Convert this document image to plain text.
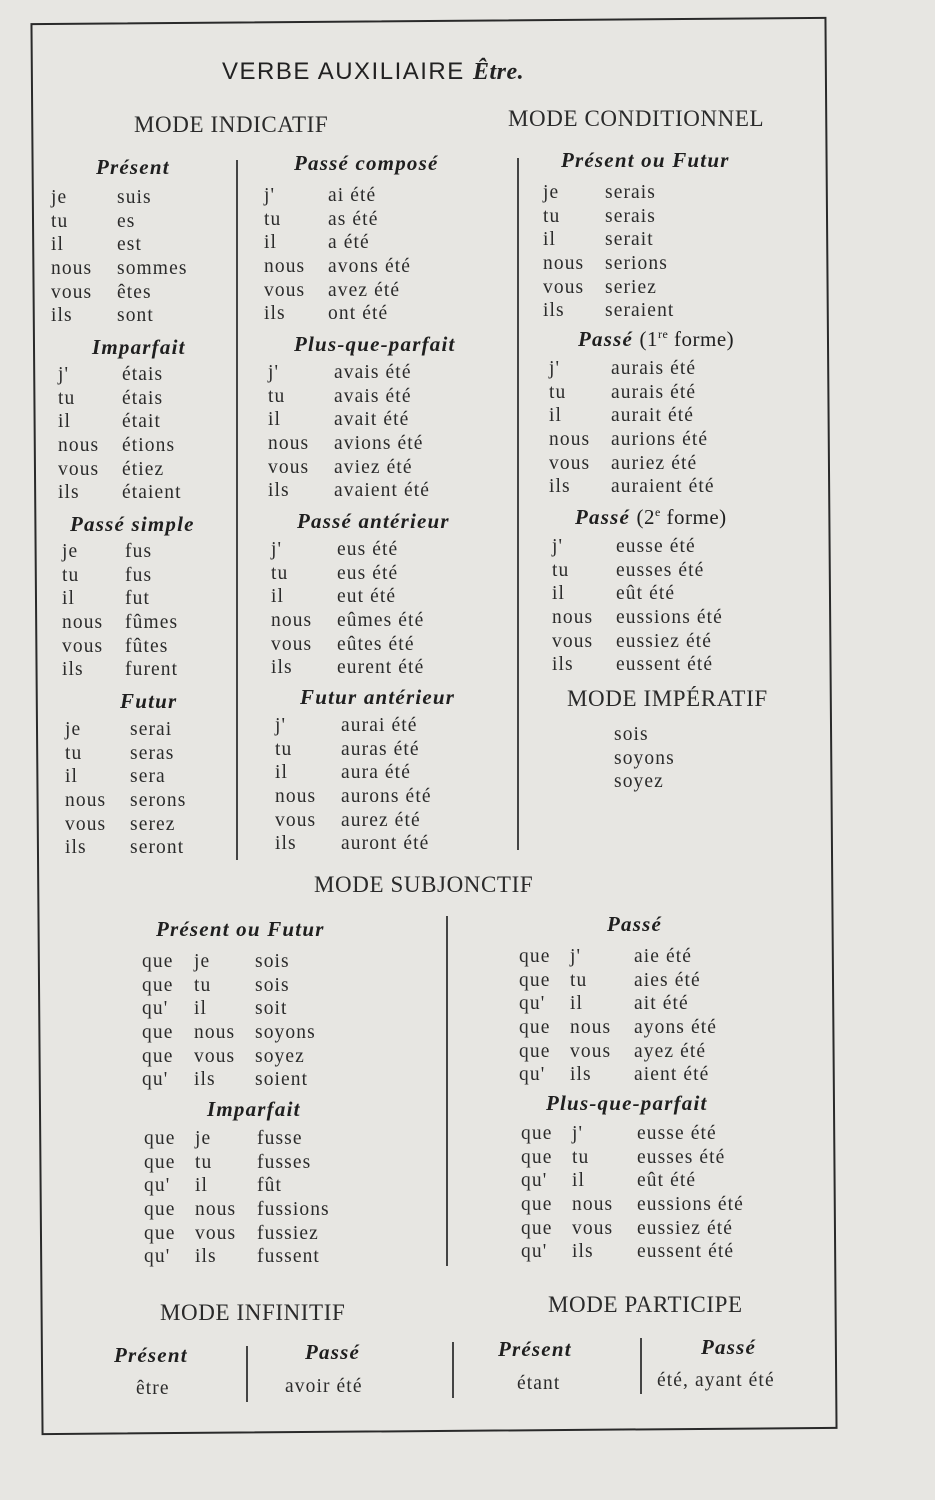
VERBE AUXILIAIRE Être.
MODE INDICATIF	MODE CONDITIONNEL
Présent
je	suis
tu es
il	est
nous sommes
vous êtes
ils sont
Imparfait
j'	étais
tu étais
il	était
nous étions
vous étiez
ils étaient
Passé simple
je fus
tu fus
il	fut
nous fûmes
vous fûtes
ils furent
Futur
je serai
tu seras
il	sera
nous serons
vous serez
ils seront
Passé composé
j'	ai été
tu as été
il	a été
nous avons été
vous avez été
ils ont été
Plus-que-parfait
j'	avais été
tu avais été
il	avait été
nous avions été
vous aviez été
ils avaient été
Passé antérieur
j'	eus été
tu eus été
il	eut été
nous eûmes été
vous eûtes été
ils eurent été
Futur antérieur
j'	aurai été
tu auras été
il	aura été
nous aurons été
vous aurez été
ils auront été
Présent ou Futur
je serais
tu serais
il	serait
nous serions
vous seriez
ils seraient
Passé (1re forme)
j'	aurais été
tu aurais été
il	aurait été
nous aurions été
vous auriez été
ils auraient été
Passé (2e forme)
j'	eusse été
tu eusses été
il	eût été
nous eussions été
vous eussiez été
ils eussent été
MODE IMPÉRATIF
sois
soyons
soyez
MODE SUBJONCTIF
Présent ou Futur
que je sois
que tu sois
qu' il soit
que nous soyons
que vous soyez
qu' ils soient
Imparfait
que je fusse
que tu fusses
qu' il	fût
que nous fussions
que vous fussiez
qu' ils fussent
Passé
que j'	aie été
que tu aies été
qu' il	ait été
que nous ayons été
que vous ayez été
qu' ils aient été
Plus-que-parfait
que j'	eusse été
que tu eusses été
qu' il	eût été
que nous eussions été
que vous eussiez été
qu' ils eussent été
MODE INFINITIF	MODE PARTICIPE
Présent
être
Passé
avoir été
Présent
étant
Passé
été, ayant été
